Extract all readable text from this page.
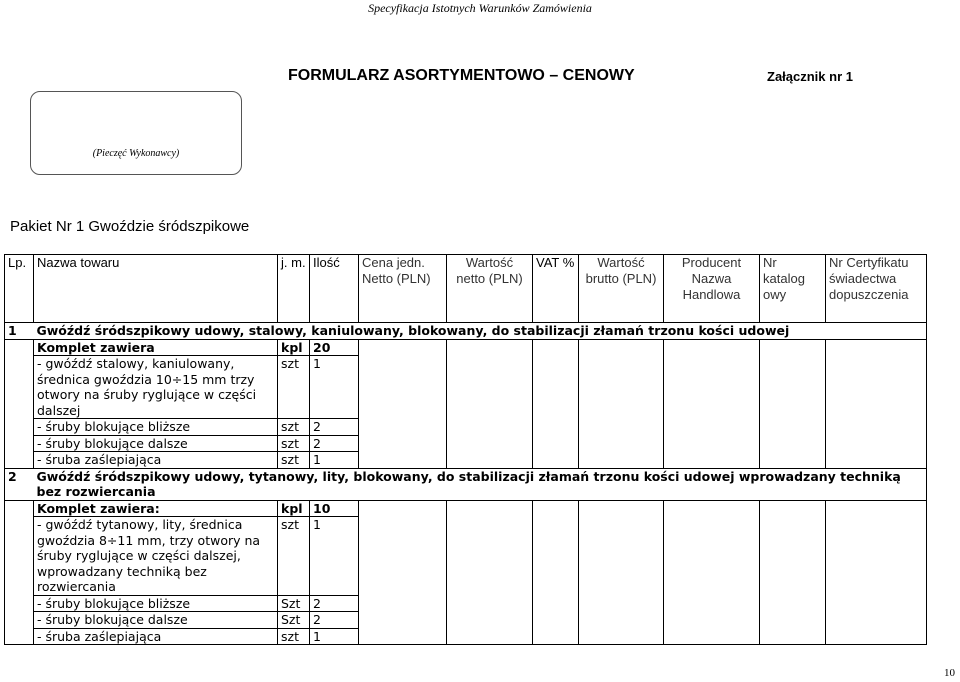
Specyfikacja Istotnych Warunków Zamówienia
FORMULARZ ASORTYMENTOWO – CENOWY	Załącznik nr 1
(Pieczęć Wykonawcy)
Pakiet Nr 1 Gwoździe śródszpikowe
Lp.	Nazwa towaru	j. m.	Ilość	Cena jedn. Netto (PLN)	Wartość netto (PLN)	VAT %	Wartość brutto (PLN)	Producent Nazwa Handlowa	Nr katalog owy	Nr Certyfikatu świadectwa dopuszczenia
1	Gwóźdź śródszpikowy udowy, stalowy, kaniulowany, blokowany, do stabilizacji złamań trzonu kości udowej									
	Komplet zawiera	kpl	20							
	- gwóźdź stalowy, kaniulowany, średnica gwoździa 10÷15 mm trzy otwory na śruby ryglujące w części dalszej	szt	1							
	- śruby blokujące bliższe	szt	2							
	- śruby blokujące dalsze	szt	2							
	- śruba zaślepiająca	szt	1							
2	Gwóźdź śródszpikowy udowy, tytanowy, lity, blokowany, do stabilizacji złamań trzonu kości udowej wprowadzany techniką bez rozwiercania									
	Komplet zawiera:	kpl	10							
	- gwóźdź tytanowy, lity, średnica gwoździa 8÷11 mm, trzy otwory na śruby ryglujące w części dalszej, wprowadzany techniką bez rozwiercania	szt	1							
	- śruby blokujące bliższe	Szt	2							
	- śruby blokujące dalsze	Szt	2							
	- śruba zaślepiająca	szt	1							
10
